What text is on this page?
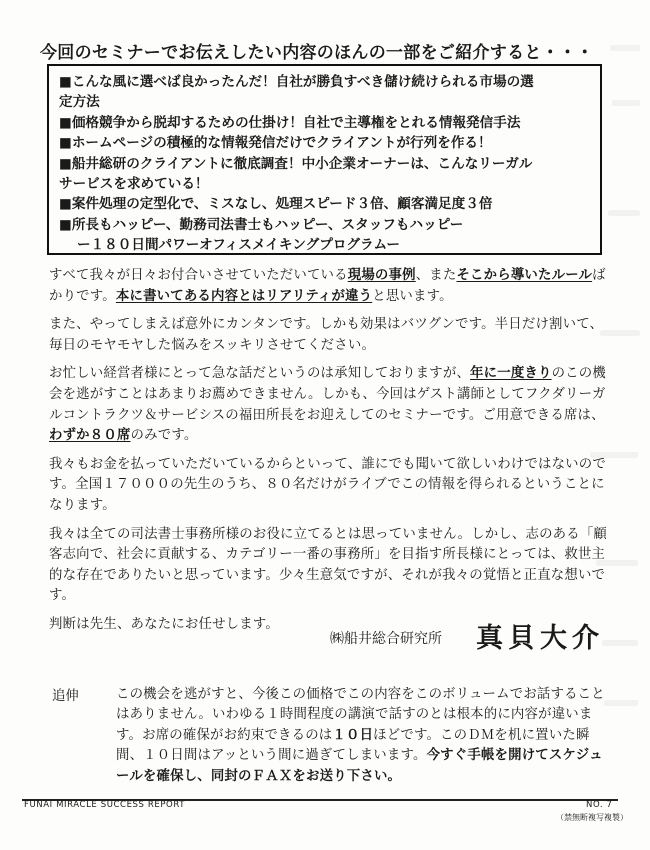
今回のセミナーでお伝えしたい内容のほんの一部をご紹介すると・・・
■こんな風に選べば良かったんだ！自社が勝負すべき儲け続けられる市場の選
定方法
■価格競争から脱却するための仕掛け！自社で主導権をとれる情報発信手法
■ホームページの積極的な情報発信だけでクライアントが行列を作る！
■船井総研のクライアントに徹底調査！中小企業オーナーは、こんなリーガル
サービスを求めている！
■案件処理の定型化で、ミスなし、処理スピード３倍、顧客満足度３倍
■所長もハッピー、勤務司法書士もハッピー、スタッフもハッピー
ー１８０日間パワーオフィスメイキングプログラムー

すべて我々が日々お付合いさせていただいている現場の事例、またそこから導いたルールばかりです。本に書いてある内容とはリアリティが違うと思います。

また、やってしまえば意外にカンタンです。しかも効果はバツグンです。半日だけ割いて、毎日のモヤモヤした悩みをスッキリさせてください。

お忙しい経営者様にとって急な話だというのは承知しておりますが、年に一度きりのこの機会を逃がすことはあまりお薦めできません。しかも、今回はゲスト講師としてフクダリーガルコントラクツ＆サービシスの福田所長をお迎えしてのセミナーです。ご用意できる席は、わずか８０席のみです。

我々もお金を払っていただいているからといって、誰にでも聞いて欲しいわけではないのです。全国１７０００の先生のうち、８０名だけがライブでこの情報を得られるということになります。

我々は全ての司法書士事務所様のお役に立てるとは思っていません。しかし、志のある「顧客志向で、社会に貢献する、カテゴリー一番の事務所」を目指す所長様にとっては、救世主的な存在でありたいと思っています。少々生意気ですが、それが我々の覚悟と正直な想いです。

判断は先生、あなたにお任せします。

㈱船井総合研究所 真貝大介
追伸	この機会を逃がすと、今後この価格でこの内容をこのボリュームでお話することはありません。いわゆる１時間程度の講演で話すのとは根本的に内容が違います。お席の確保がお約束できるのは１０日ほどです。このＤＭを机に置いた瞬間、１０日間はアッという間に過ぎてしまいます。今すぐ手帳を開けてスケジュールを確保し、同封のＦＡＸをお送り下さい。
FUNAI MIRACLE SUCCESS REPORT	NO. 7
（禁無断複写複製）
